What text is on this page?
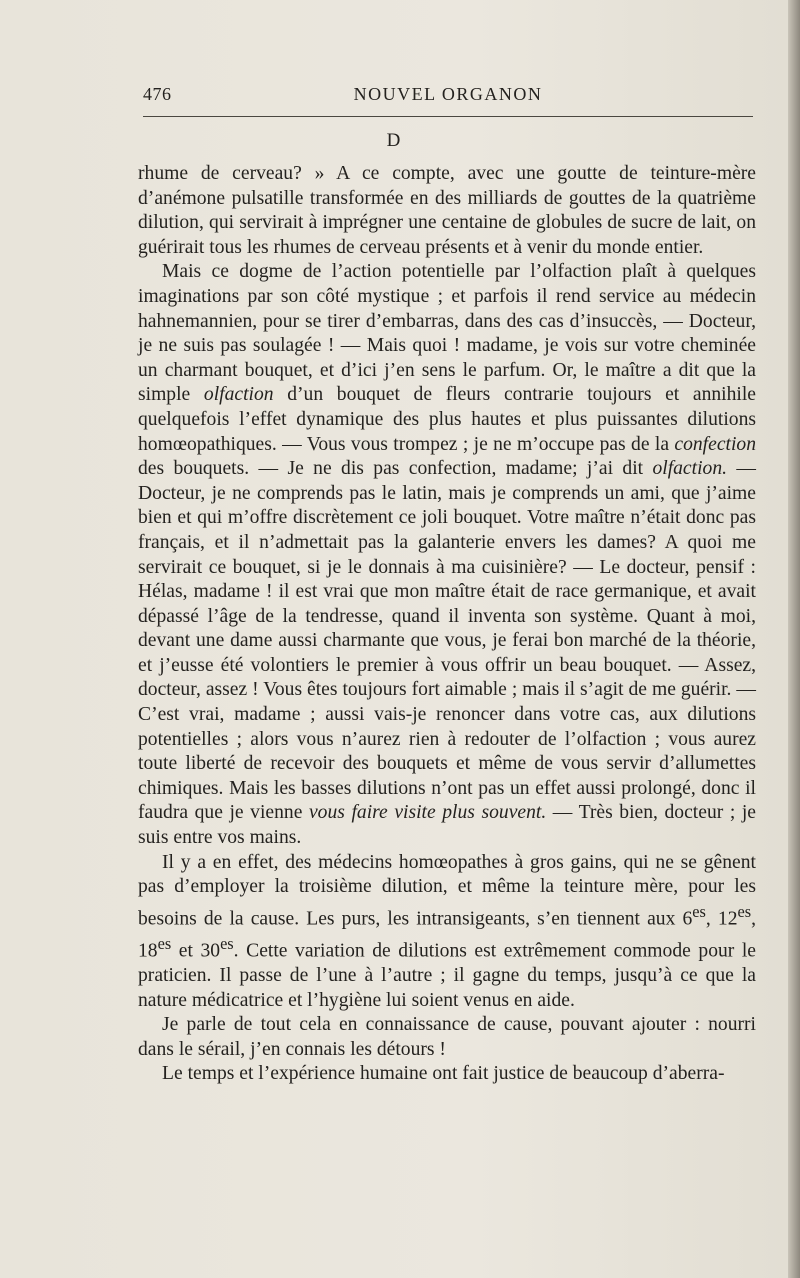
476	NOUVEL ORGANON
D

rhume de cerveau? » A ce compte, avec une goutte de teinture-mère d’anémone pulsatille transformée en des milliards de gouttes de la quatrième dilution, qui servirait à imprégner une centaine de globules de sucre de lait, on guérirait tous les rhumes de cerveau présents et à venir du monde entier.

Mais ce dogme de l’action potentielle par l’olfaction plaît à quelques imaginations par son côté mystique ; et parfois il rend service au médecin hahnemannien, pour se tirer d’embarras, dans des cas d’insuccès, — Docteur, je ne suis pas soulagée ! — Mais quoi ! madame, je vois sur votre cheminée un charmant bouquet, et d’ici j’en sens le parfum. Or, le maître a dit que la simple olfaction d’un bouquet de fleurs contrarie toujours et annihile quelquefois l’effet dynamique des plus hautes et plus puissantes dilutions homœopathiques. — Vous vous trompez ; je ne m’occupe pas de la confection des bouquets. — Je ne dis pas confection, madame; j’ai dit olfaction. — Docteur, je ne comprends pas le latin, mais je comprends un ami, que j’aime bien et qui m’offre discrètement ce joli bouquet. Votre maître n’était donc pas français, et il n’admettait pas la galanterie envers les dames? A quoi me servirait ce bouquet, si je le donnais à ma cuisinière? — Le docteur, pensif : Hélas, madame ! il est vrai que mon maître était de race germanique, et avait dépassé l’âge de la tendresse, quand il inventa son système. Quant à moi, devant une dame aussi charmante que vous, je ferai bon marché de la théorie, et j’eusse été volontiers le premier à vous offrir un beau bouquet. — Assez, docteur, assez ! Vous êtes toujours fort aimable ; mais il s’agit de me guérir. — C’est vrai, madame ; aussi vais-je renoncer dans votre cas, aux dilutions potentielles ; alors vous n’aurez rien à redouter de l’olfaction ; vous aurez toute liberté de recevoir des bouquets et même de vous servir d’allumettes chimiques. Mais les basses dilutions n’ont pas un effet aussi prolongé, donc il faudra que je vienne vous faire visite plus souvent. — Très bien, docteur ; je suis entre vos mains.

Il y a en effet, des médecins homœopathes à gros gains, qui ne se gênent pas d’employer la troisième dilution, et même la teinture mère, pour les besoins de la cause. Les purs, les intransigeants, s’en tiennent aux $6^{es}$, $12^{es}$, $18^{es}$ et $30^{es}$. Cette variation de dilutions est extrêmement commode pour le praticien. Il passe de l’une à l’autre ; il gagne du temps, jusqu’à ce que la nature médicatrice et l’hygiène lui soient venus en aide.

Je parle de tout cela en connaissance de cause, pouvant ajouter : nourri dans le sérail, j’en connais les détours !

Le temps et l’expérience humaine ont fait justice de beaucoup d’aberra-
